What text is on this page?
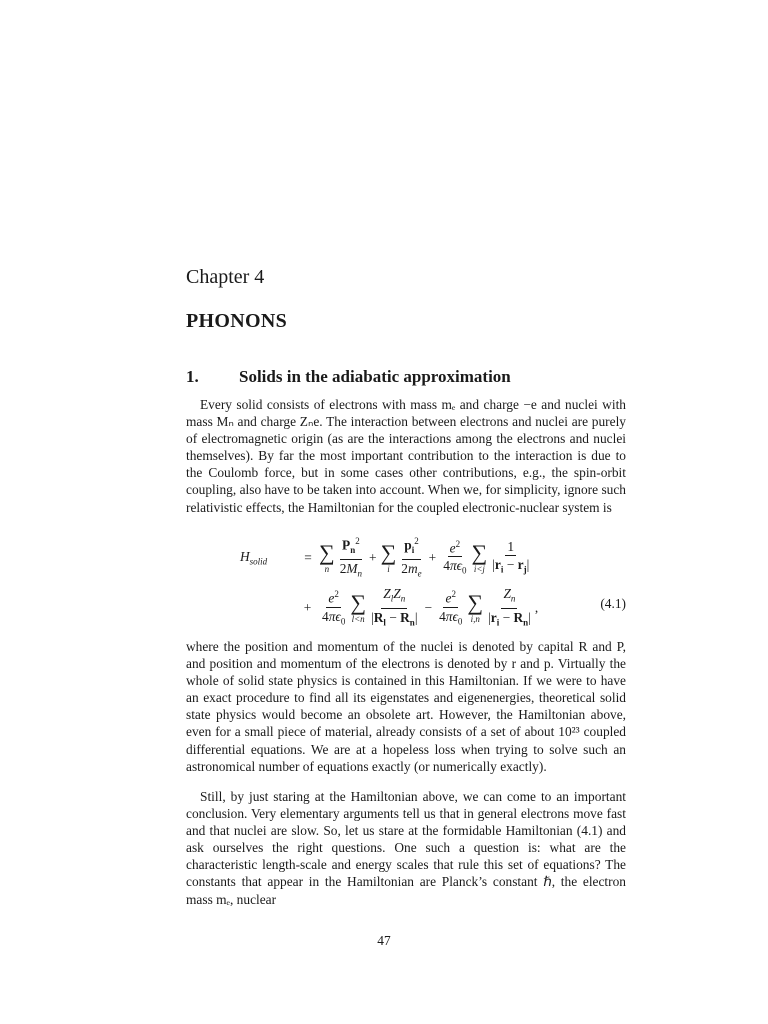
Chapter 4
PHONONS
1. Solids in the adiabatic approximation

Every solid consists of electrons with mass mₑ and charge −e and nuclei with mass Mₙ and charge Zₙe. The interaction between electrons and nuclei are purely of electromagnetic origin (as are the interactions among the electrons and nuclei themselves). By far the most important contribution to the interaction is due to the Coulomb force, but in some cases other contributions, e.g., the spin-orbit coupling, also have to be taken into account. When we, for simplicity, ignore such relativistic effects, the Hamiltonian for the coupled electronic-nuclear system is

$H_{solid}$	= ∑
n $\frac{P_n^2}{2M_n}$ + ∑
i $\frac{p_i^2}{2m_e} + \frac{e^2}{4\pi\epsilon_0}$ ∑
$i<j \frac{1}{|r_i - r_j|}$
+ $\frac{e^2}{4\pi\epsilon_0}$ ∑
$l<n \frac{Z_lZ_n}{|R_l - R_n|} - \frac{e^2}{4\pi\epsilon_0}$ ∑
$i,n \frac{Z_n}{|r_i - R_n|}$ ,	(4.1)

where the position and momentum of the nuclei is denoted by capital R and P, and position and momentum of the electrons is denoted by r and p. Virtually the whole of solid state physics is contained in this Hamiltonian. If we were to have an exact procedure to find all its eigenstates and eigenenergies, theoretical solid state physics would become an obsolete art. However, the Hamiltonian above, even for a small piece of material, already consists of a set of about 10²³ coupled differential equations. We are at a hopeless loss when trying to solve such an astronomical number of equations exactly (or numerically exactly).

Still, by just staring at the Hamiltonian above, we can come to an important conclusion. Very elementary arguments tell us that in general electrons move fast and that nuclei are slow. So, let us stare at the formidable Hamiltonian (4.1) and ask ourselves the right questions. One such a question is: what are the characteristic length-scale and energy scales that rule this set of equations? The constants that appear in the Hamiltonian are Planck’s constant ℏ, the electron mass mₑ, nuclear

47
